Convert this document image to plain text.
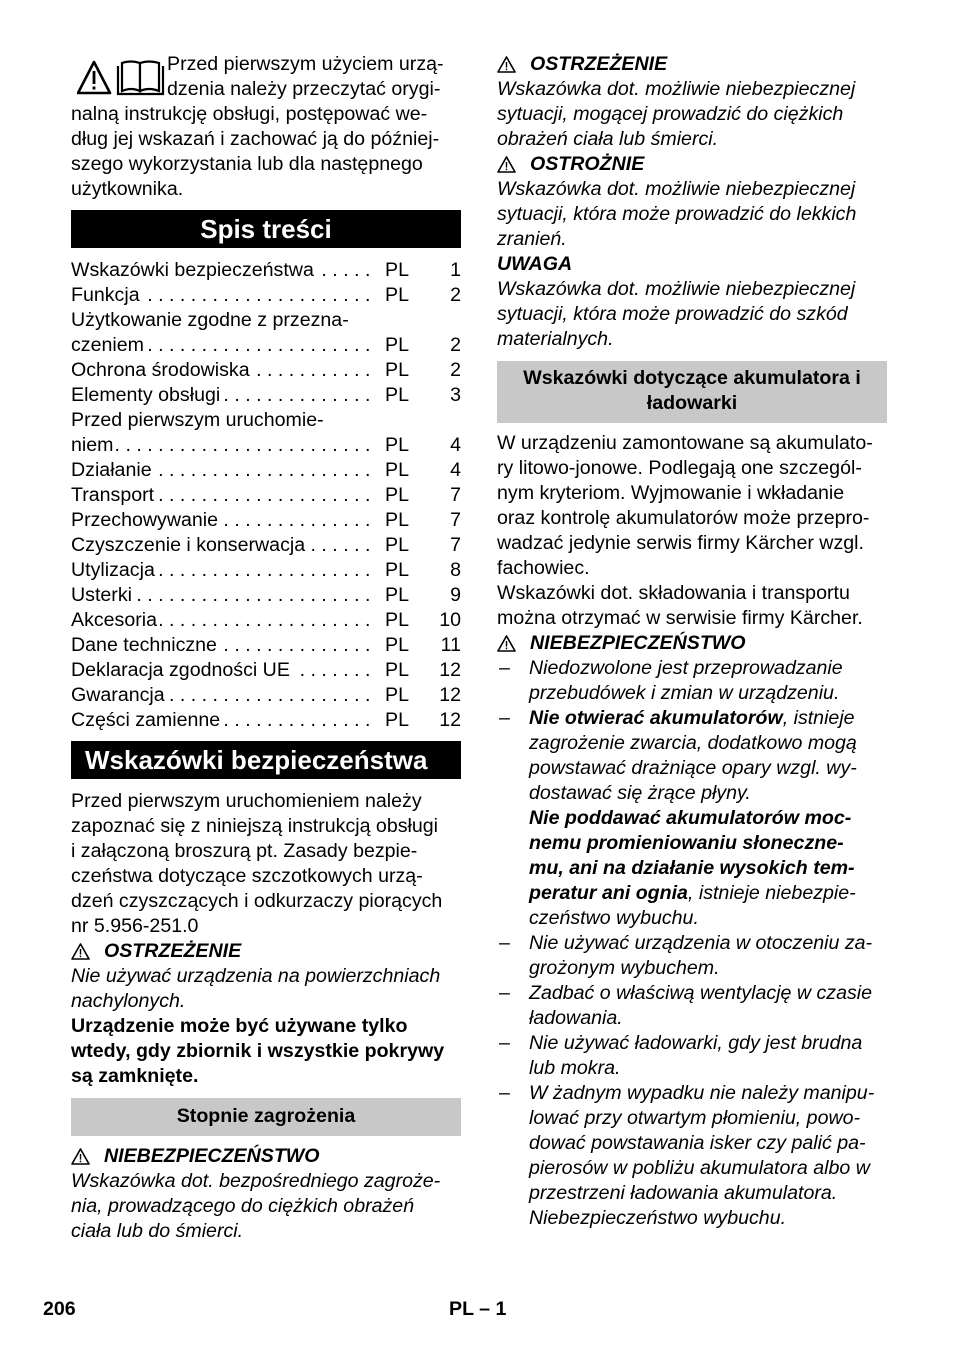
Przed pierwszym użyciem urzą-

dzenia należy przeczytać orygi-

nalną instrukcję obsługi, postępować we-

dług jej wskazań i zachować ją do później-

szego wykorzystania lub dla następnego

użytkownika.

Spis treści
Wskazówki bezpieczeństwa . . .	PL	1
Funkcja . . .	PL	2
Użytkowanie zgodne z przezna-
czeniem . . .	PL	2
Ochrona środowiska . . .	PL	2
Elementy obsługi . . .	PL	3
Przed pierwszym uruchomie-
niem . . .	PL	4
Działanie . . .	PL	4
Transport . . .	PL	7
Przechowywanie . . .	PL	7
Czyszczenie i konserwacja . . .	PL	7
Utylizacja . . .	PL	8
Usterki . . .	PL	9
Akcesoria . . .	PL	10
Dane techniczne . . .	PL	11
Deklaracja zgodności UE . . .	PL	12
Gwarancja . . .	PL	12
Części zamienne . . .	PL	12
Wskazówki bezpieczeństwa

Przed pierwszym uruchomieniem należy

zapoznać się z niniejszą instrukcją obsługi

i załączoną broszurą pt. Zasady bezpie-

czeństwa dotyczące szczotkowych urzą-

dzeń czyszczących i odkurzaczy piorących

nr 5.956-251.0

OSTRZEŻENIE

Nie używać urządzenia na powierzchniach

nachylonych.

Urządzenie może być używane tylko

wtedy, gdy zbiornik i wszystkie pokrywy

są zamknięte.

Stopnie zagrożenia
NIEBEZPIECZEŃSTWO

Wskazówka dot. bezpośredniego zagroże-

nia, prowadzącego do ciężkich obrażeń

ciała lub do śmierci.

OSTRZEŻENIE

Wskazówka dot. możliwie niebezpiecznej

sytuacji, mogącej prowadzić do ciężkich

obrażeń ciała lub śmierci.

OSTROŻNIE

Wskazówka dot. możliwie niebezpiecznej

sytuacji, która może prowadzić do lekkich

zranień.

UWAGA

Wskazówka dot. możliwie niebezpiecznej

sytuacji, która może prowadzić do szkód

materialnych.

Wskazówki dotyczące akumulatora i ładowarki

W urządzeniu zamontowane są akumulato-

ry litowo-jonowe. Podlegają one szczegól-

nym kryteriom. Wyjmowanie i wkładanie

oraz kontrolę akumulatorów może przepro-

wadzać jedynie serwis firmy Kärcher wzgl.

fachowiec.

Wskazówki dot. składowania i transportu

można otrzymać w serwisie firmy Kärcher.

NIEBEZPIECZEŃSTWO
– Niedozwolone jest przeprowadzanie

przebudówek i zmian w urządzeniu.

– Nie otwierać akumulatorów, istnieje

zagrożenie zwarcia, dodatkowo mogą

powstawać drażniące opary wzgl. wy-

dostawać się żrące płyny.

Nie poddawać akumulatorów moc-

nemu promieniowaniu słoneczne-

mu, ani na działanie wysokich tem-

peratur ani ognia, istnieje niebezpie-

czeństwo wybuchu.

– Nie używać urządzenia w otoczeniu za-

grożonym wybuchem.

– Zadbać o właściwą wentylację w czasie

ładowania.

– Nie używać ładowarki, gdy jest brudna

lub mokra.

– W żadnym wypadku nie należy manipu-

lować przy otwartym płomieniu, powo-

dować powstawania isker czy palić pa-

pierosów w pobliżu akumulatora albo w

przestrzeni ładowania akumulatora.

Niebezpieczeństwo wybuchu.

206	PL – 1
